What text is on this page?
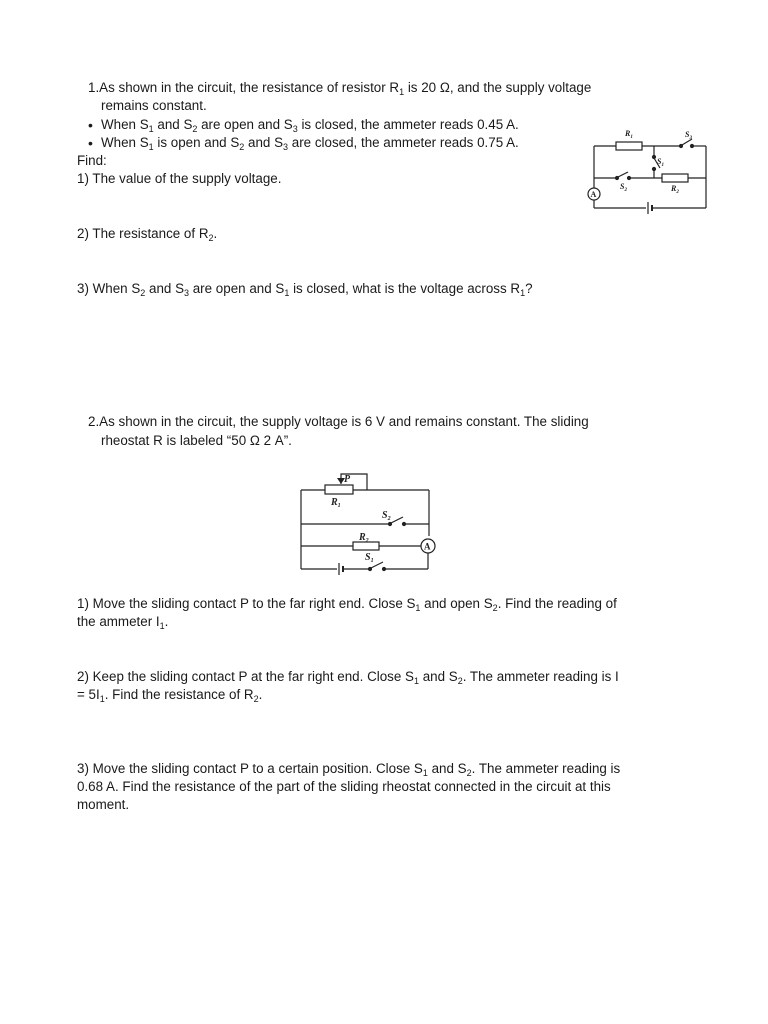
1.As shown in the circuit, the resistance of resistor $R_1$ is 20 Ω, and the supply voltage
remains constant.
• When $S_1$ and $S_2$ are open and $S_3$ is closed, the ammeter reads 0.45 A.
• When $S_1$ is open and $S_2$ and $S_3$ are closed, the ammeter reads 0.75 A.
Find:
1) The value of the supply voltage.
2) The resistance of $R_2$.
3) When $S_2$ and $S_3$ are open and $S_1$ is closed, what is the voltage across $R_1$?
$R_1$	$S_3$
$S_1$
$S_2$	$R_2$
A
2.As shown in the circuit, the supply voltage is 6 V and remains constant. The sliding
rheostat R is labeled “50 Ω 2 A”.
P
$R_1$
$S_2$
$R_2$
$S_1$
A
1) Move the sliding contact P to the far right end. Close $S_1$ and open $S_2$. Find the reading of
the ammeter $I_1$.
2) Keep the sliding contact P at the far right end. Close $S_1$ and $S_2$. The ammeter reading is I
= $5I_1$. Find the resistance of $R_2$.
3) Move the sliding contact P to a certain position. Close $S_1$ and $S_2$. The ammeter reading is
0.68 A. Find the resistance of the part of the sliding rheostat connected in the circuit at this
moment.
